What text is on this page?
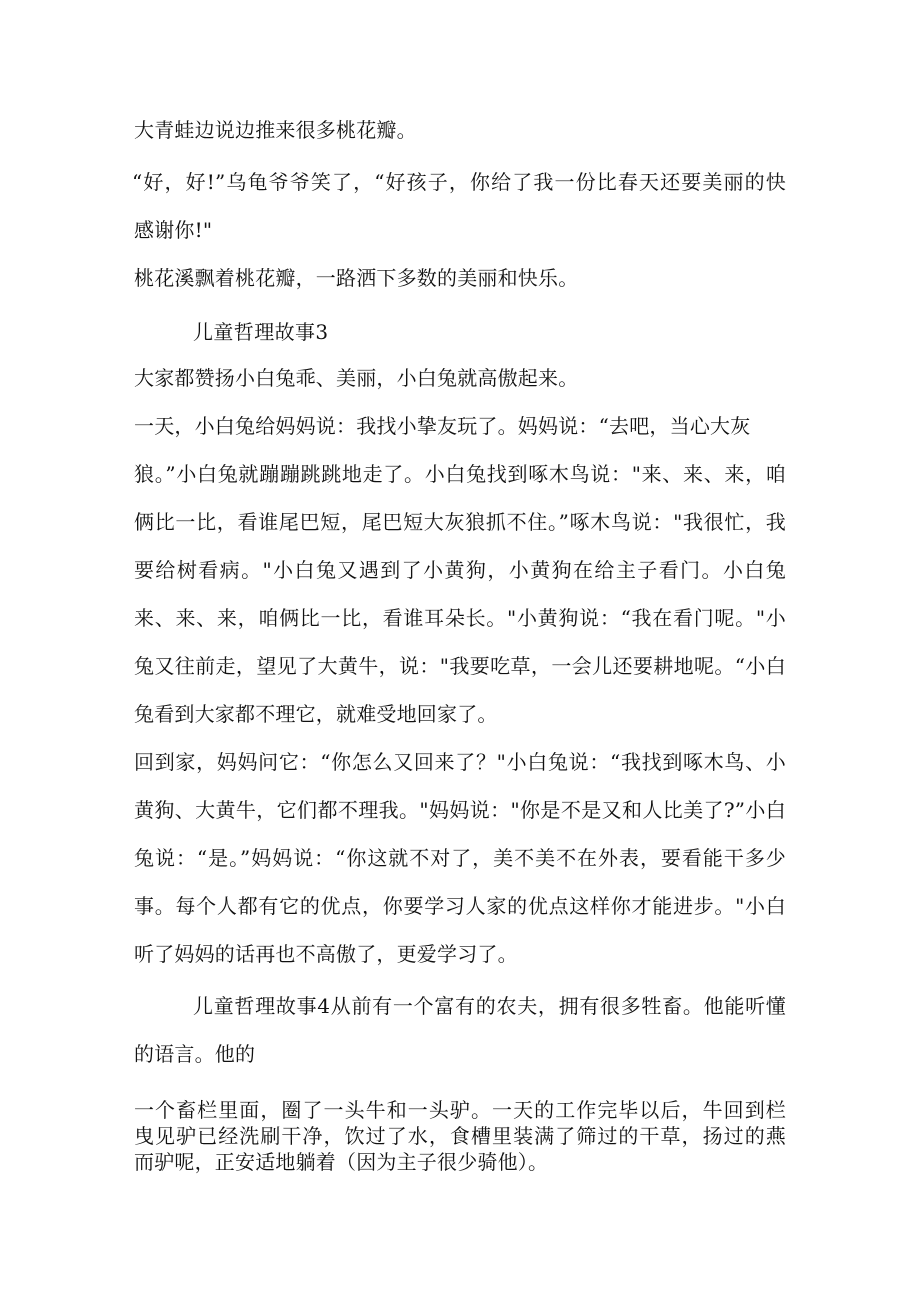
大青蛙边说边推来很多桃花瓣。

“好，好!”乌龟爷爷笑了，“好孩子，你给了我一份比春天还要美丽的快

感谢你!"

桃花溪飘着桃花瓣，一路洒下多数的美丽和快乐。

儿童哲理故事3

大家都赞扬小白兔乖、美丽，小白兔就高傲起来。

一天，小白兔给妈妈说：我找小挚友玩了。妈妈说：“去吧，当心大灰

狼。”小白兔就蹦蹦跳跳地走了。小白兔找到啄木鸟说："来、来、来，咱

俩比一比，看谁尾巴短，尾巴短大灰狼抓不住。”啄木鸟说："我很忙，我

要给树看病。"小白兔又遇到了小黄狗，小黄狗在给主子看门。小白兔

来、来、来，咱俩比一比，看谁耳朵长。"小黄狗说：“我在看门呢。"小

兔又往前走，望见了大黄牛，说："我要吃草，一会儿还要耕地呢。“小白

兔看到大家都不理它，就难受地回家了。

回到家，妈妈问它：“你怎么又回来了？"小白兔说：“我找到啄木鸟、小

黄狗、大黄牛，它们都不理我。"妈妈说："你是不是又和人比美了?”小白

兔说：“是。”妈妈说：“你这就不对了，美不美不在外表，要看能干多少

事。每个人都有它的优点，你要学习人家的优点这样你才能进步。"小白

听了妈妈的话再也不高傲了，更爱学习了。

儿童哲理故事4从前有一个富有的农夫，拥有很多牲畜。他能听懂

的语言。他的

一个畜栏里面，圈了一头牛和一头驴。一天的工作完毕以后，牛回到栏

曳见驴已经洗刷干净，饮过了水，食槽里装满了筛过的干草，扬过的燕

而驴呢，正安适地躺着（因为主子很少骑他）。
